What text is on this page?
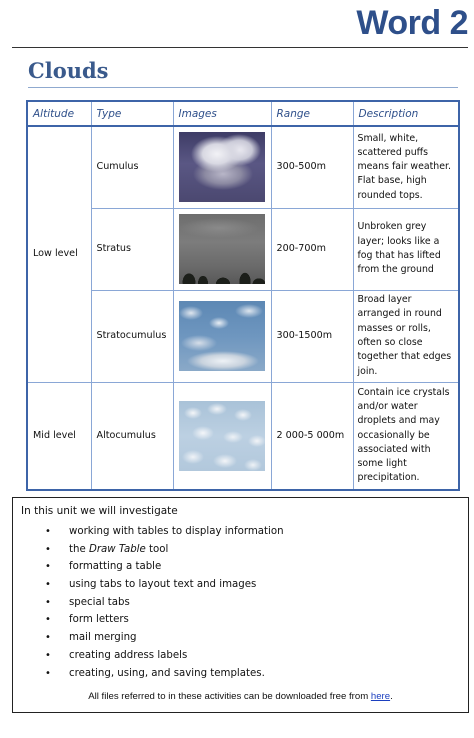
Word 2
Clouds
Altitude	Type	Images	Range	Description
Low level	Cumulus		300-500m	Small, white, scattered puffs means fair weather. Flat base, high rounded tops.
	Stratus		200-700m	Unbroken grey layer; looks like a fog that has lifted from the ground
	Stratocumulus		300-1500m	Broad layer arranged in round masses or rolls, often so close together that edges join.
Mid level	Altocumulus		2 000-5 000m	Contain ice crystals and/or water droplets and may occasionally be associated with some light precipitation.
In this unit we will investigate
• working with tables to display information
• the Draw Table tool
• formatting a table
• using tabs to layout text and images
• special tabs
• form letters
• mail merging
• creating address labels
• creating, using, and saving templates.
All files referred to in these activities can be downloaded free from here.
